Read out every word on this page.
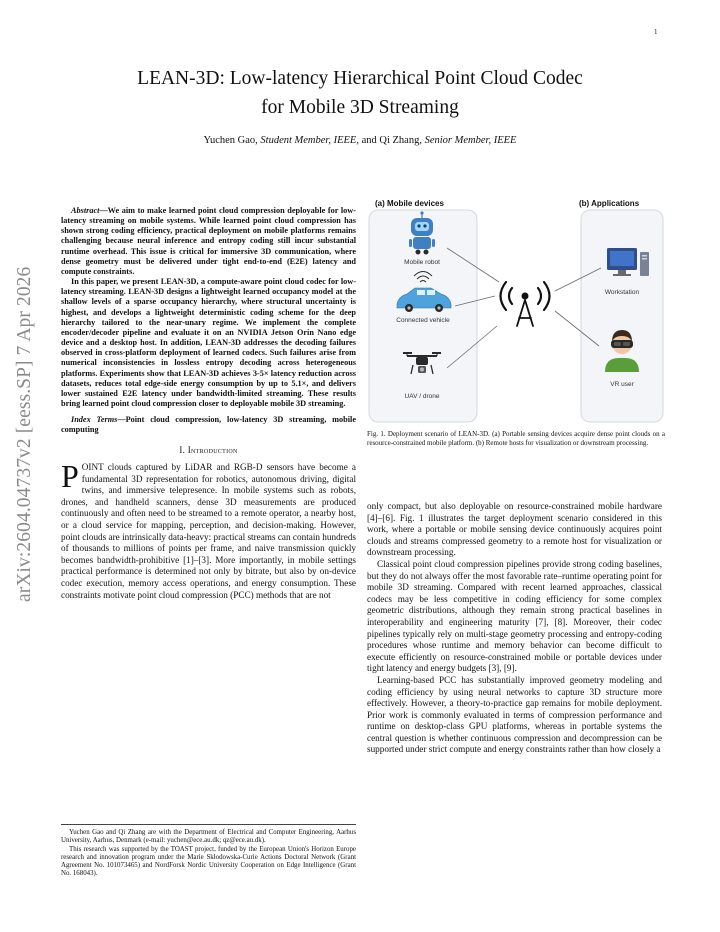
1
arXiv:2604.04737v2 [eess.SP] 7 Apr 2026
LEAN-3D: Low-latency Hierarchical Point Cloud Codec
for Mobile 3D Streaming
Yuchen Gao, Student Member, IEEE, and Qi Zhang, Senior Member, IEEE

Abstract—We aim to make learned point cloud compression deployable for low-latency streaming on mobile systems. While learned point cloud compression has shown strong coding efficiency, practical deployment on mobile platforms remains challenging because neural inference and entropy coding still incur substantial runtime overhead. This issue is critical for immersive 3D communication, where dense geometry must be delivered under tight end-to-end (E2E) latency and compute constraints.

In this paper, we present LEAN-3D, a compute-aware point cloud codec for low-latency streaming. LEAN-3D designs a lightweight learned occupancy model at the shallow levels of a sparse occupancy hierarchy, where structural uncertainty is highest, and develops a lightweight deterministic coding scheme for the deep hierarchy tailored to the near-unary regime. We implement the complete encoder/decoder pipeline and evaluate it on an NVIDIA Jetson Orin Nano edge device and a desktop host. In addition, LEAN-3D addresses the decoding failures observed in cross-platform deployment of learned codecs. Such failures arise from numerical inconsistencies in lossless entropy decoding across heterogeneous platforms. Experiments show that LEAN-3D achieves 3-5× latency reduction across datasets, reduces total edge-side energy consumption by up to 5.1×, and delivers lower sustained E2E latency under bandwidth-limited streaming. These results bring learned point cloud compression closer to deployable mobile 3D streaming.

Index Terms—Point cloud compression, low-latency 3D streaming, mobile computing

I. Introduction

POINT clouds captured by LiDAR and RGB-D sensors have become a fundamental 3D representation for robotics, autonomous driving, digital twins, and immersive telepresence. In mobile systems such as robots, drones, and handheld scanners, dense 3D measurements are produced continuously and often need to be streamed to a remote operator, a nearby host, or a cloud service for mapping, perception, and decision-making. However, point clouds are intrinsically data-heavy: practical streams can contain hundreds of thousands to millions of points per frame, and naive transmission quickly becomes bandwidth-prohibitive [1]–[3]. More importantly, in mobile settings practical performance is determined not only by bitrate, but also by on-device codec execution, memory access operations, and energy consumption. These constraints motivate point cloud compression (PCC) methods that are not

Yuchen Gao and Qi Zhang are with the Department of Electrical and Computer Engineering, Aarhus University, Aarhus, Denmark (e-mail: yuchen@ece.au.dk; qz@ece.au.dk).

This research was supported by the TOAST project, funded by the European Union's Horizon Europe research and innovation program under the Marie Skłodowska-Curie Actions Doctoral Network (Grant Agreement No. 101073465) and NordForsk Nordic University Cooperation on Edge Intelligence (Grant No. 168043).

(a) Mobile devices	(b) Applications
Mobile robot
Connected vehicle
UAV / drone
Workstation
VR user
Fig. 1. Deployment scenario of LEAN-3D. (a) Portable sensing devices acquire dense point clouds on a resource-constrained mobile platform. (b) Remote hosts for visualization or downstream processing.

only compact, but also deployable on resource-constrained mobile hardware [4]–[6]. Fig. 1 illustrates the target deployment scenario considered in this work, where a portable or mobile sensing device continuously acquires point clouds and streams compressed geometry to a remote host for visualization or downstream processing.

Classical point cloud compression pipelines provide strong coding baselines, but they do not always offer the most favorable rate–runtime operating point for mobile 3D streaming. Compared with recent learned approaches, classical codecs may be less competitive in coding efficiency for some complex geometric distributions, although they remain strong practical baselines in interoperability and engineering maturity [7], [8]. Moreover, their codec pipelines typically rely on multi-stage geometry processing and entropy-coding procedures whose runtime and memory behavior can become difficult to execute efficiently on resource-constrained mobile or portable devices under tight latency and energy budgets [3], [9].

Learning-based PCC has substantially improved geometry modeling and coding efficiency by using neural networks to capture 3D structure more effectively. However, a theory-to-practice gap remains for mobile deployment. Prior work is commonly evaluated in terms of compression performance and runtime on desktop-class GPU platforms, whereas in portable systems the central question is whether continuous compression and decompression can be supported under strict compute and energy constraints rather than how closely a
